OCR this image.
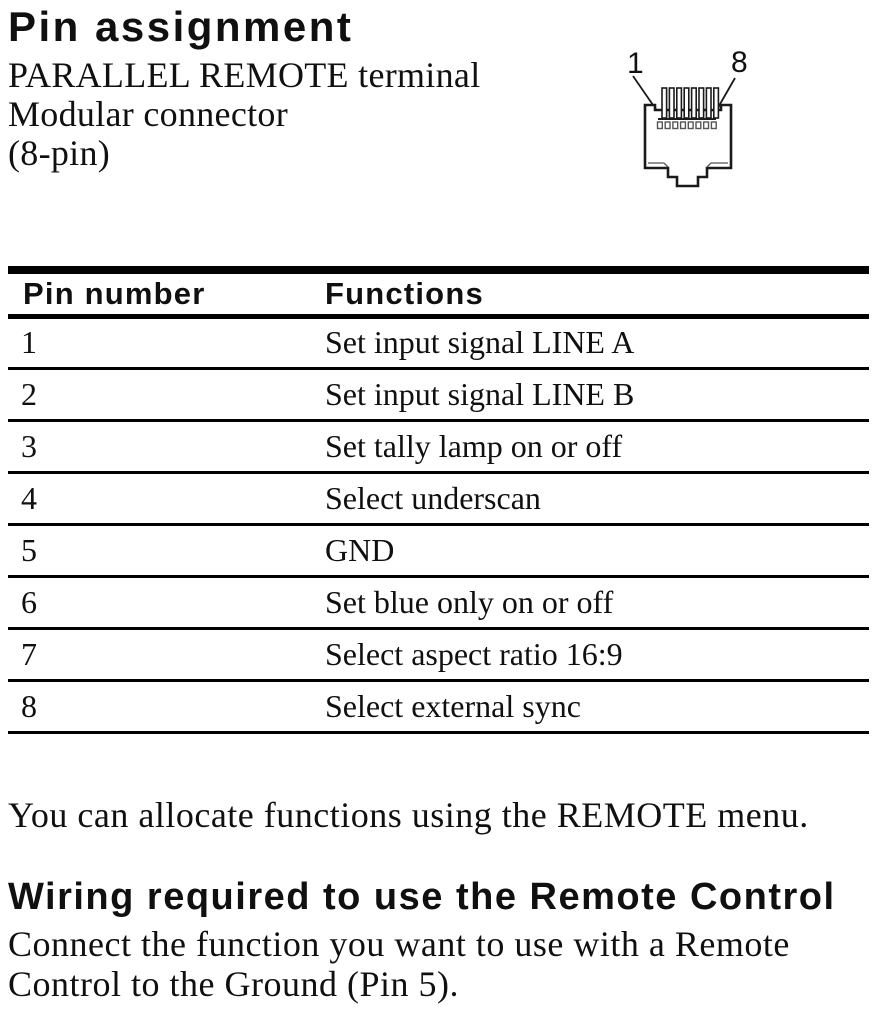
Pin assignment
PARALLEL REMOTE terminal
Modular connector
(8-pin)
1	8
Pin number	Functions
1	Set input signal LINE A
2	Set input signal LINE B
3	Set tally lamp on or off
4	Select underscan
5	GND
6	Set blue only on or off
7	Select aspect ratio 16:9
8	Select external sync
You can allocate functions using the REMOTE menu.
Wiring required to use the Remote Control
Connect the function you want to use with a Remote
Control to the Ground (Pin 5).
